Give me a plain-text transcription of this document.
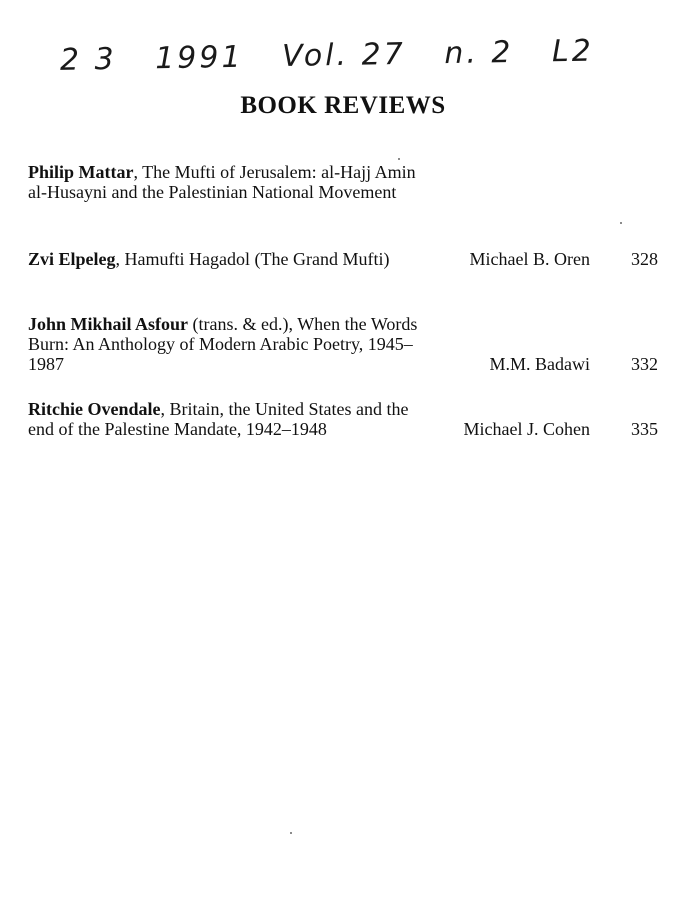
2 3 1991 Vol. 27 n. 2 L2
BOOK REVIEWS
Philip Mattar, The Mufti of Jerusalem: al-Hajj Amin al-Husayni and the Palestinian National Movement
Zvi Elpeleg, Hamufti Hagadol (The Grand Mufti)	Michael B. Oren	328
John Mikhail Asfour (trans. & ed.), When the Words Burn: An Anthology of Modern Arabic Poetry, 1945–1987	M.M. Badawi	332
Ritchie Ovendale, Britain, the United States and the end of the Palestine Mandate, 1942–1948	Michael J. Cohen	335
